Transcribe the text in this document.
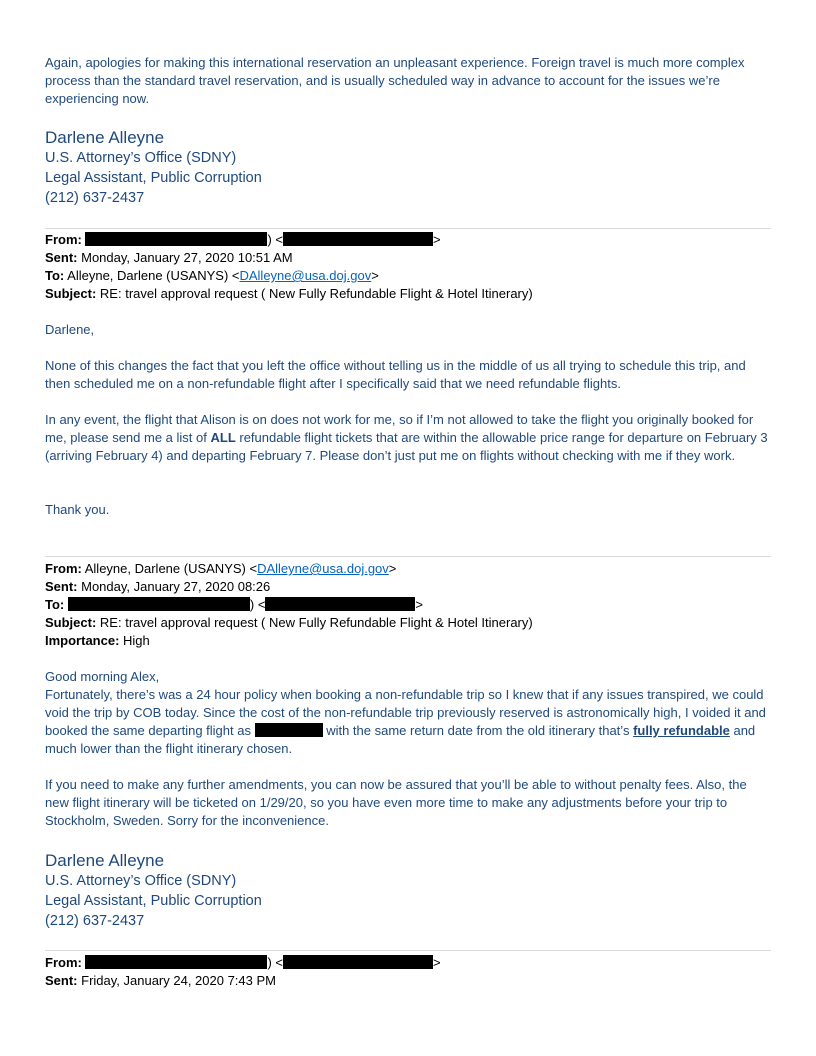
Again, apologies for making this international reservation an unpleasant experience. Foreign travel is much more complex process than the standard travel reservation, and is usually scheduled way in advance to account for the issues we’re experiencing now.

Darlene Alleyne
U.S. Attorney’s Office (SDNY)
Legal Assistant, Public Corruption
(212) 637-2437
From:	) <	>
Sent: Monday, January 27, 2020 10:51 AM
To: Alleyne, Darlene (USANYS) <DAlleyne@usa.doj.gov>
Subject: RE: travel approval request ( New Fully Refundable Flight & Hotel Itinerary)

Darlene,

None of this changes the fact that you left the office without telling us in the middle of us all trying to schedule this trip, and then scheduled me on a non-refundable flight after I specifically said that we need refundable flights.

In any event, the flight that Alison is on does not work for me, so if I’m not allowed to take the flight you originally booked for me, please send me a list of ALL refundable flight tickets that are within the allowable price range for departure on February 3 (arriving February 4) and departing February 7. Please don’t just put me on flights without checking with me if they work.

Thank you.

From: Alleyne, Darlene (USANYS) <DAlleyne@usa.doj.gov>
Sent: Monday, January 27, 2020 08:26
To:	) <	>
Subject: RE: travel approval request ( New Fully Refundable Flight & Hotel Itinerary)
Importance: High

Good morning Alex,

Fortunately, there’s was a 24 hour policy when booking a non-refundable trip so I knew that if any issues transpired, we could void the trip by COB today. Since the cost of the non-refundable trip previously reserved is astronomically high, I voided it and booked the same departing flight as	with the same return date from the old itinerary that’s fully refundable and much lower than the flight itinerary chosen.

If you need to make any further amendments, you can now be assured that you’ll be able to without penalty fees. Also, the new flight itinerary will be ticketed on 1/29/20, so you have even more time to make any adjustments before your trip to Stockholm, Sweden. Sorry for the inconvenience.

Darlene Alleyne
U.S. Attorney’s Office (SDNY)
Legal Assistant, Public Corruption
(212) 637-2437
From:	) <	>
Sent: Friday, January 24, 2020 7:43 PM
